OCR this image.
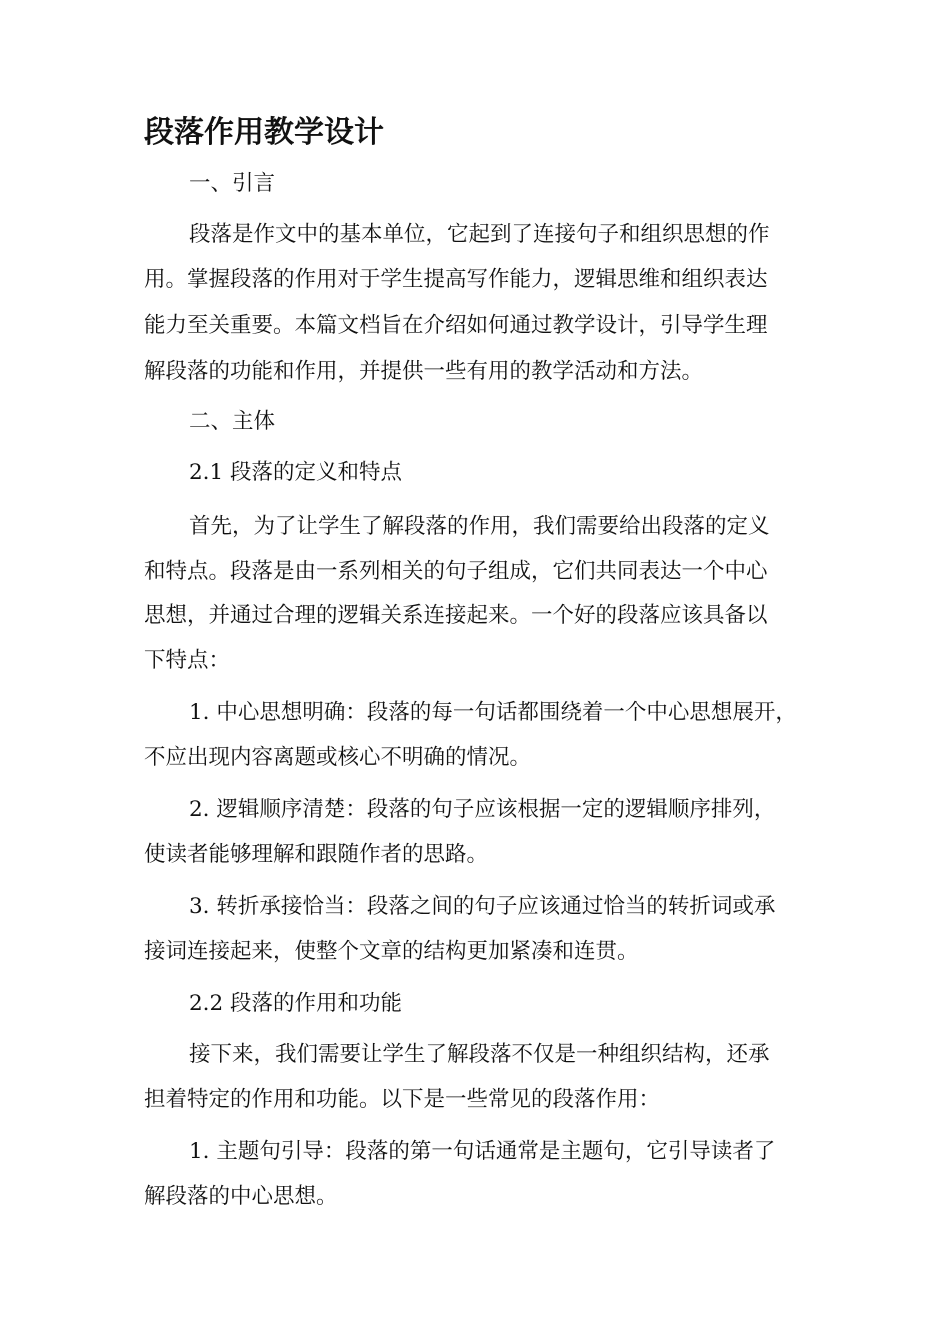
段落作用教学设计

一、引言

段落是作文中的基本单位，它起到了连接句子和组织思想的作

用。掌握段落的作用对于学生提高写作能力，逻辑思维和组织表达

能力至关重要。本篇文档旨在介绍如何通过教学设计，引导学生理

解段落的功能和作用，并提供一些有用的教学活动和方法。

二、主体

2.1 段落的定义和特点

首先，为了让学生了解段落的作用，我们需要给出段落的定义

和特点。段落是由一系列相关的句子组成，它们共同表达一个中心

思想，并通过合理的逻辑关系连接起来。一个好的段落应该具备以

下特点：

1. 中心思想明确：段落的每一句话都围绕着一个中心思想展开，

不应出现内容离题或核心不明确的情况。

2. 逻辑顺序清楚：段落的句子应该根据一定的逻辑顺序排列，

使读者能够理解和跟随作者的思路。

3. 转折承接恰当：段落之间的句子应该通过恰当的转折词或承

接词连接起来，使整个文章的结构更加紧凑和连贯。

2.2 段落的作用和功能

接下来，我们需要让学生了解段落不仅是一种组织结构，还承

担着特定的作用和功能。以下是一些常见的段落作用：

1. 主题句引导：段落的第一句话通常是主题句，它引导读者了

解段落的中心思想。
